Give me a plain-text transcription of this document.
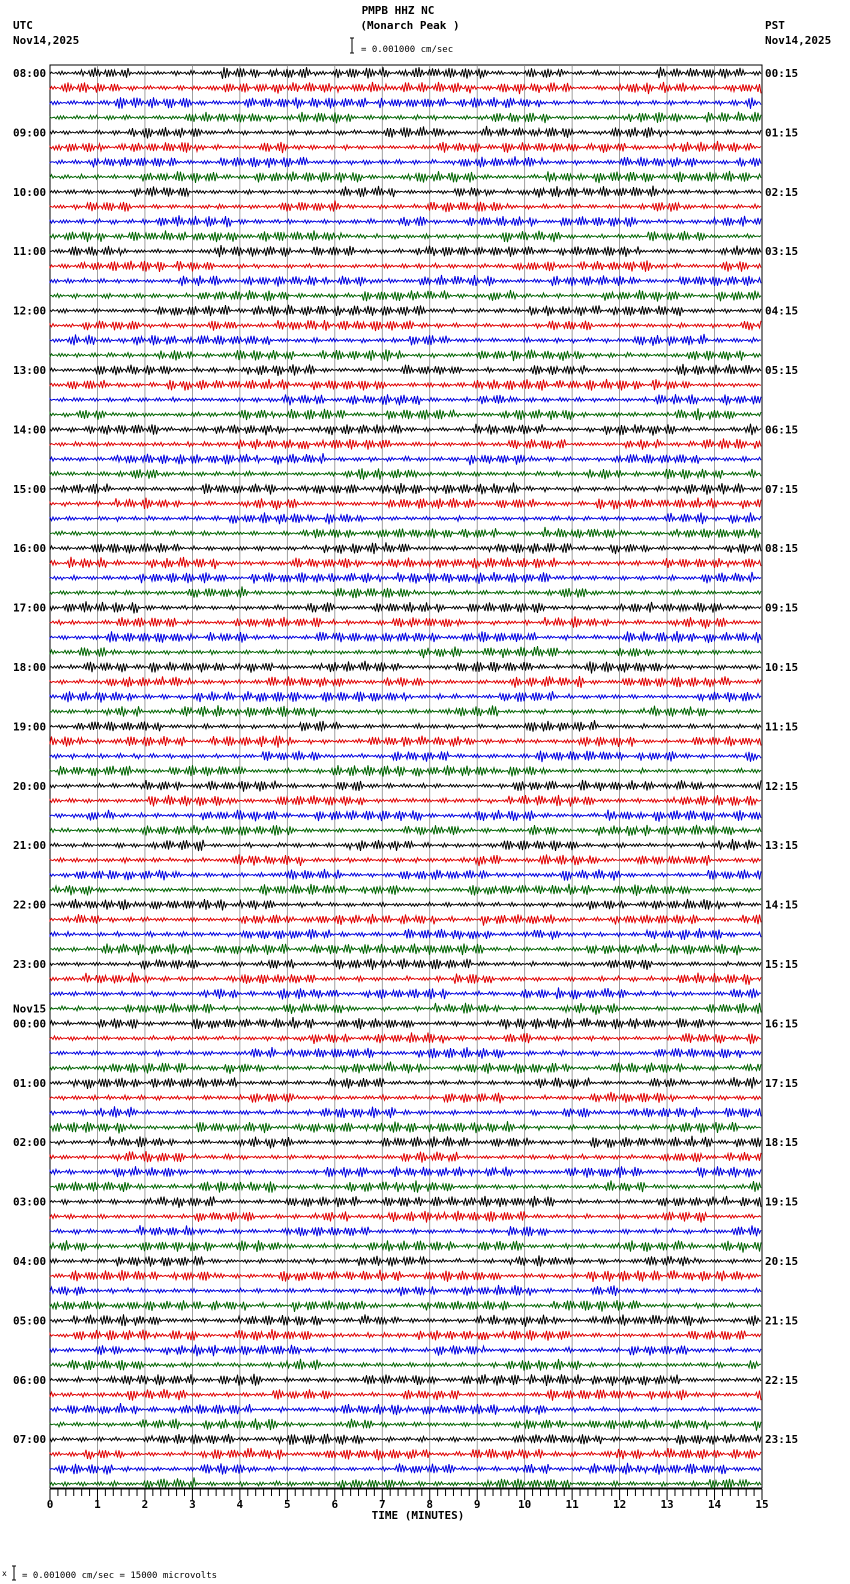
PMPB HHZ NC
(Monarch Peak )
UTC
Nov14,2025
PST
Nov14,2025
= 0.001000 cm/sec
08:00	00:15
09:00	01:15
10:00	02:15
11:00	03:15
12:00	04:15
13:00	05:15
14:00	06:15
15:00	07:15
16:00	08:15
17:00	09:15
18:00	10:15
19:00	11:15
20:00	12:15
21:00	13:15
22:00	14:15
23:00	15:15
00:00	16:15
01:00	17:15
02:00	18:15
03:00	19:15
04:00	20:15
05:00	21:15
06:00	22:15
07:00	23:15
Nov15
0	1	2	3	4	5	6	7	8	9	10	11	12	13	14	15
TIME (MINUTES)
x = 0.001000 cm/sec = 15000 microvolts
